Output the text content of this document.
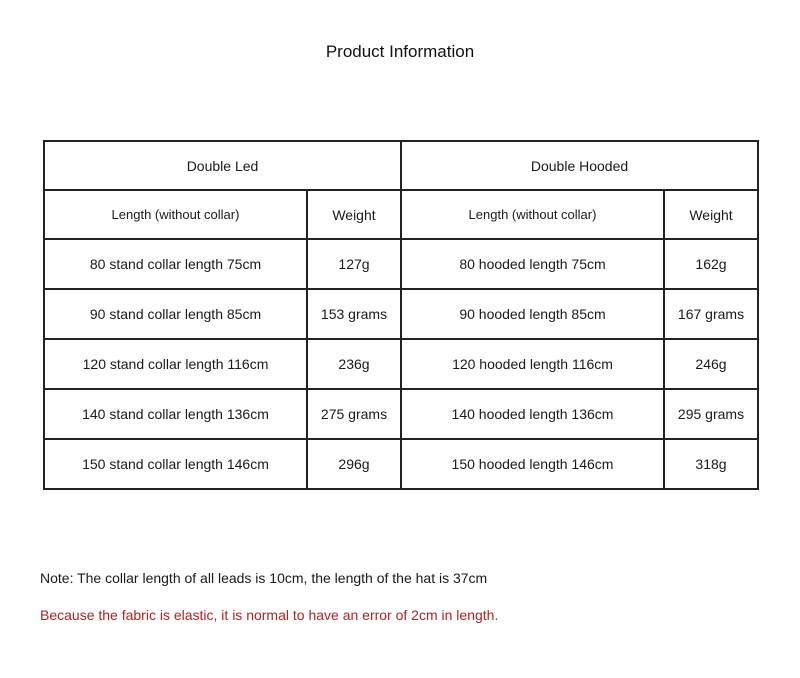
Product Information
Double Led		Double Hooded	
Length (without collar)	Weight	Length (without collar)	Weight
80 stand collar length 75cm	127g	80 hooded length 75cm	162g
90 stand collar length 85cm	153 grams	90 hooded length 85cm	167 grams
120 stand collar length 116cm	236g	120 hooded length 116cm	246g
140 stand collar length 136cm	275 grams	140 hooded length 136cm	295 grams
150 stand collar length 146cm	296g	150 hooded length 146cm	318g
Note: The collar length of all leads is 10cm, the length of the hat is 37cm
Because the fabric is elastic, it is normal to have an error of 2cm in length.
